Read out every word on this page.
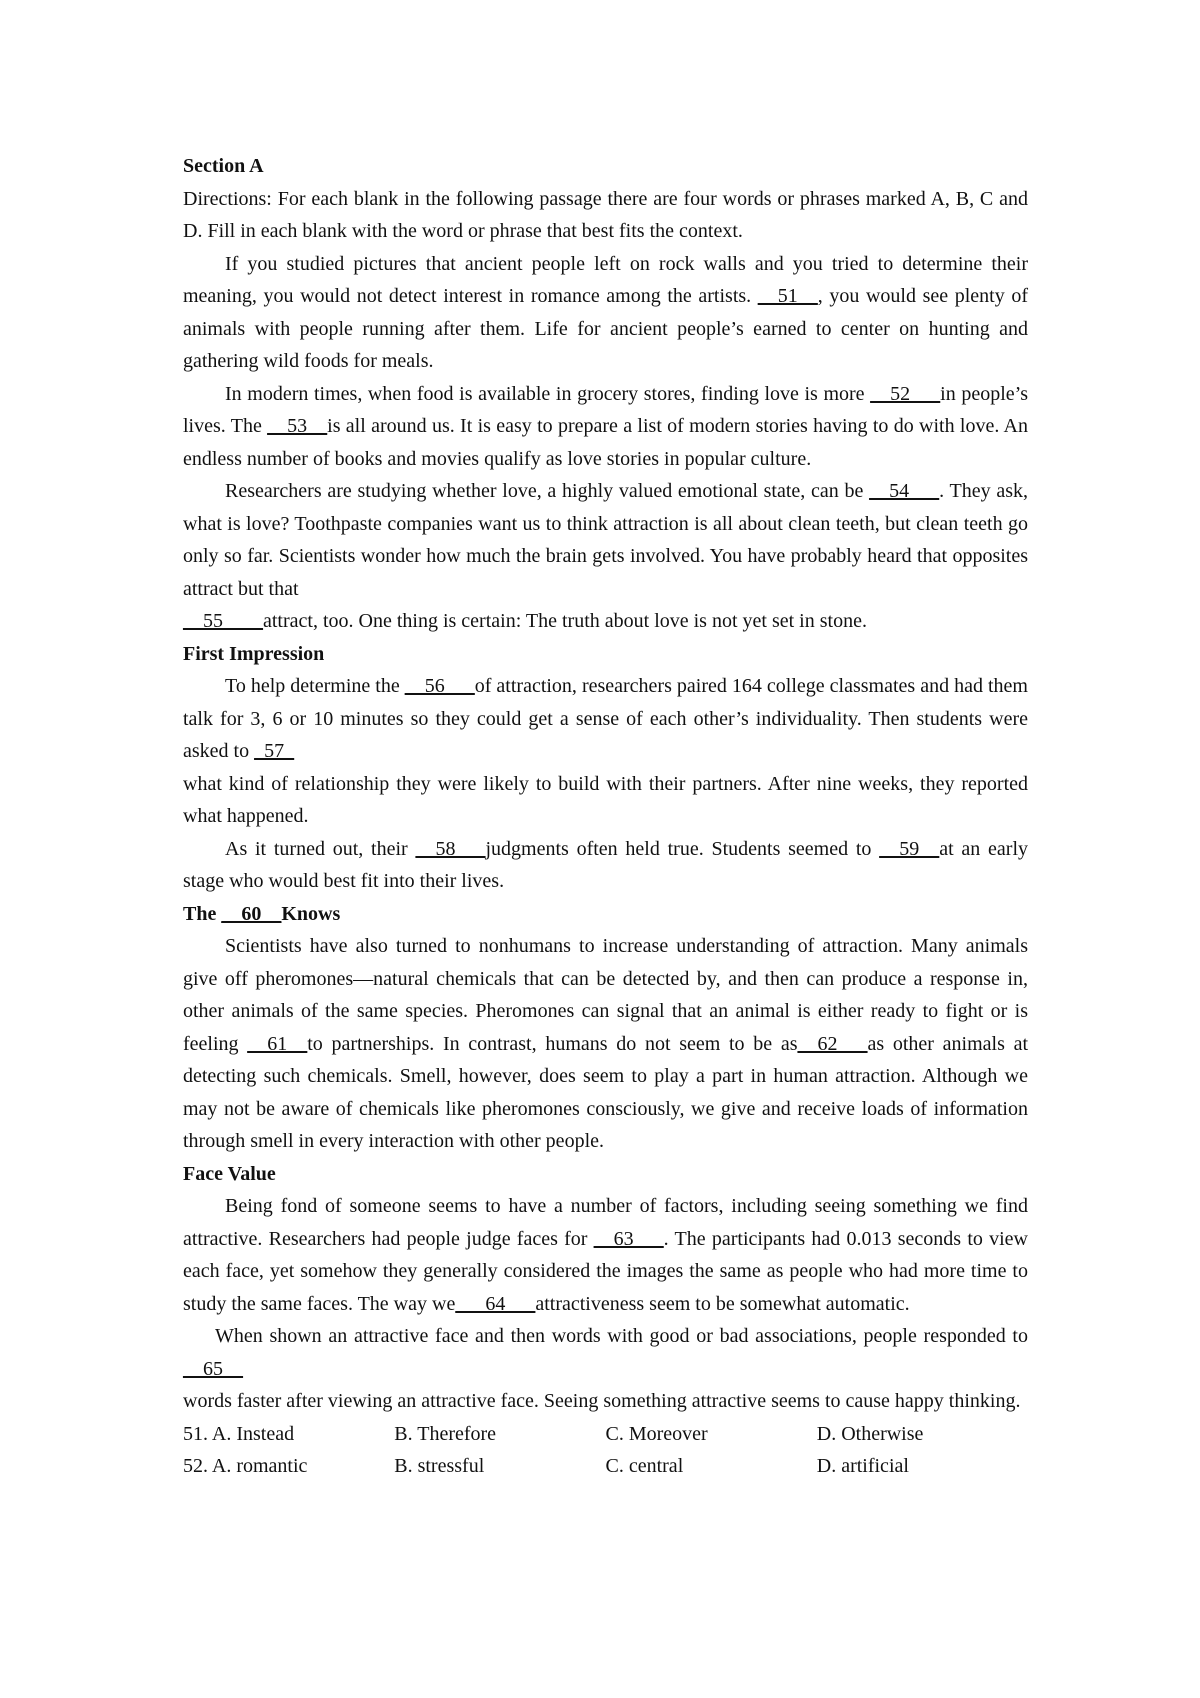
Section A

Directions: For each blank in the following passage there are four words or phrases marked A, B, C and D. Fill in each blank with the word or phrase that best fits the context.

If you studied pictures that ancient people left on rock walls and you tried to determine their meaning, you would not detect interest in romance among the artists. __51__, you would see plenty of animals with people running after them. Life for ancient people’s earned to center on hunting and gathering wild foods for meals.

In modern times, when food is available in grocery stores, finding love is more __52___in people’s lives. The __53__is all around us. It is easy to prepare a list of modern stories having to do with love. An endless number of books and movies qualify as love stories in popular culture.

Researchers are studying whether love, a highly valued emotional state, can be __54___. They ask, what is love? Toothpaste companies want us to think attraction is all about clean teeth, but clean teeth go only so far. Scientists wonder how much the brain gets involved. You have probably heard that opposites attract but that

__55____attract, too. One thing is certain: The truth about love is not yet set in stone.

First Impression

To help determine the __56___of attraction, researchers paired 164 college classmates and had them talk for 3, 6 or 10 minutes so they could get a sense of each other’s individuality. Then students were asked to _57_

what kind of relationship they were likely to build with their partners. After nine weeks, they reported what happened.

As it turned out, their __58___judgments often held true. Students seemed to __59__at an early stage who would best fit into their lives.

The __60__Knows

Scientists have also turned to nonhumans to increase understanding of attraction. Many animals give off pheromones—natural chemicals that can be detected by, and then can produce a response in, other animals of the same species. Pheromones can signal that an animal is either ready to fight or is feeling __61__to partnerships. In contrast, humans do not seem to be as__62___as other animals at detecting such chemicals. Smell, however, does seem to play a part in human attraction. Although we may not be aware of chemicals like pheromones consciously, we give and receive loads of information through smell in every interaction with other people.

Face Value

Being fond of someone seems to have a number of factors, including seeing something we find attractive. Researchers had people judge faces for __63___. The participants had 0.013 seconds to view each face, yet somehow they generally considered the images the same as people who had more time to study the same faces. The way we___64___attractiveness seem to be somewhat automatic.

When shown an attractive face and then words with good or bad associations, people responded to __65__

words faster after viewing an attractive face. Seeing something attractive seems to cause happy thinking.

51. A. Instead	B. Therefore	C. Moreover	D. Otherwise
52. A. romantic	B. stressful	C. central	D. artificial
